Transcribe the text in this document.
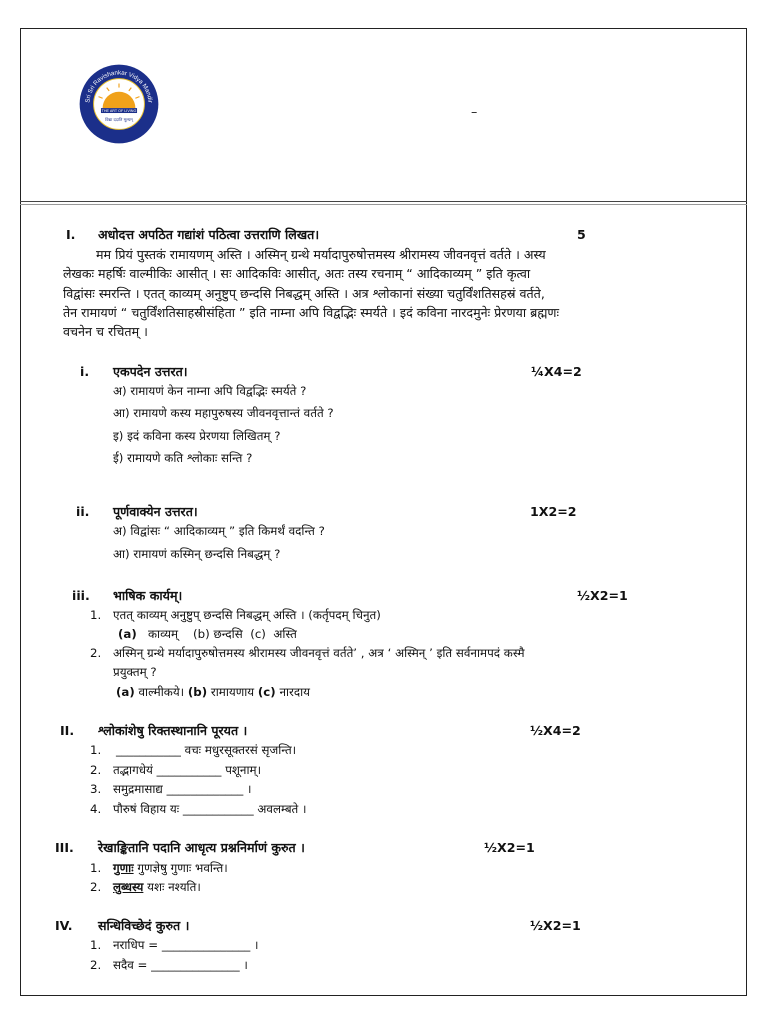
THE ART OF LIVING
विद्या ददाति मूल्यम्
Sri Sri Ravishankar Vidya Mandir
–
I. अधोदत्त अपठित गद्यांशं पठित्वा उत्तराणि लिखत।	5
मम प्रियं पुस्तकं रामायणम् अस्ति । अस्मिन् ग्रन्थे मर्यादापुरुषोत्तमस्य श्रीरामस्य जीवनवृत्तं वर्तते । अस्य
लेखकः महर्षिः वाल्मीकिः आसीत् । सः आदिकविः आसीत्, अतः तस्य रचनाम् “ आदिकाव्यम् ” इति कृत्वा
विद्वांसः स्मरन्ति । एतत् काव्यम् अनुष्टुप् छन्दसि निबद्धम् अस्ति । अत्र श्लोकानां संख्या चतुर्विंशतिसहस्रं वर्तते,
तेन रामायणं “ चतुर्विंशतिसाहस्रीसंहिता ” इति नाम्ना अपि विद्वद्भिः स्मर्यते । इदं कविना नारदमुनेः प्रेरणया ब्रह्मणः
वचनेन च रचितम् ।
i. एकपदेन उत्तरत।	¼X4=2
अ) रामायणं केन नाम्ना अपि विद्वद्भिः स्मर्यते ?
आ) रामायणे कस्य महापुरुषस्य जीवनवृत्तान्तं वर्तते ?
इ) इदं कविना कस्य प्रेरणया लिखितम् ?
ई) रामायणे कति श्लोकाः सन्ति ?
ii. पूर्णवाक्येन उत्तरत।	1X2=2
अ) विद्वांसः “ आदिकाव्यम् ” इति किमर्थं वदन्ति ?
आ) रामायणं कस्मिन् छन्दसि निबद्धम् ?
iii. भाषिक कार्यम्।	½X2=1
1. एतत् काव्यम् अनुष्टुप् छन्दसि निबद्धम् अस्ति । (कर्तृपदम् चिनुत)
(a) काव्यम् (b) छन्दसि (c) अस्ति
2. अस्मिन् ग्रन्थे मर्यादापुरुषोत्तमस्य श्रीरामस्य जीवनवृत्तं वर्तते’ , अत्र ‘ अस्मिन् ’ इति सर्वनामपदं कस्मै
प्रयुक्तम् ?
(a) वाल्मीकये। (b) रामायणाय (c) नारदाय
II. श्लोकांशेषु रिक्तस्थानानि पूरयत ।	½X4=2
1. ___________ वचः मधुरसूक्तरसं सृजन्ति।
2. तद्भागधेयं ___________ पशूनाम्।
3. समुद्रमासाद्य _____________ ।
4. पौरुषं विहाय यः ____________ अवलम्बते ।
III. रेखाङ्कितानि पदानि आधृत्य प्रश्ननिर्माणं कुरुत ।	½X2=1
1. गुणाः गुणज्ञेषु गुणाः भवन्ति।
2. लुब्धस्य यशः नश्यति।
IV. सन्धिविच्छेदं कुरुत ।	½X2=1
1. नराधिप = _______________ ।
2. सदैव = _______________ ।
